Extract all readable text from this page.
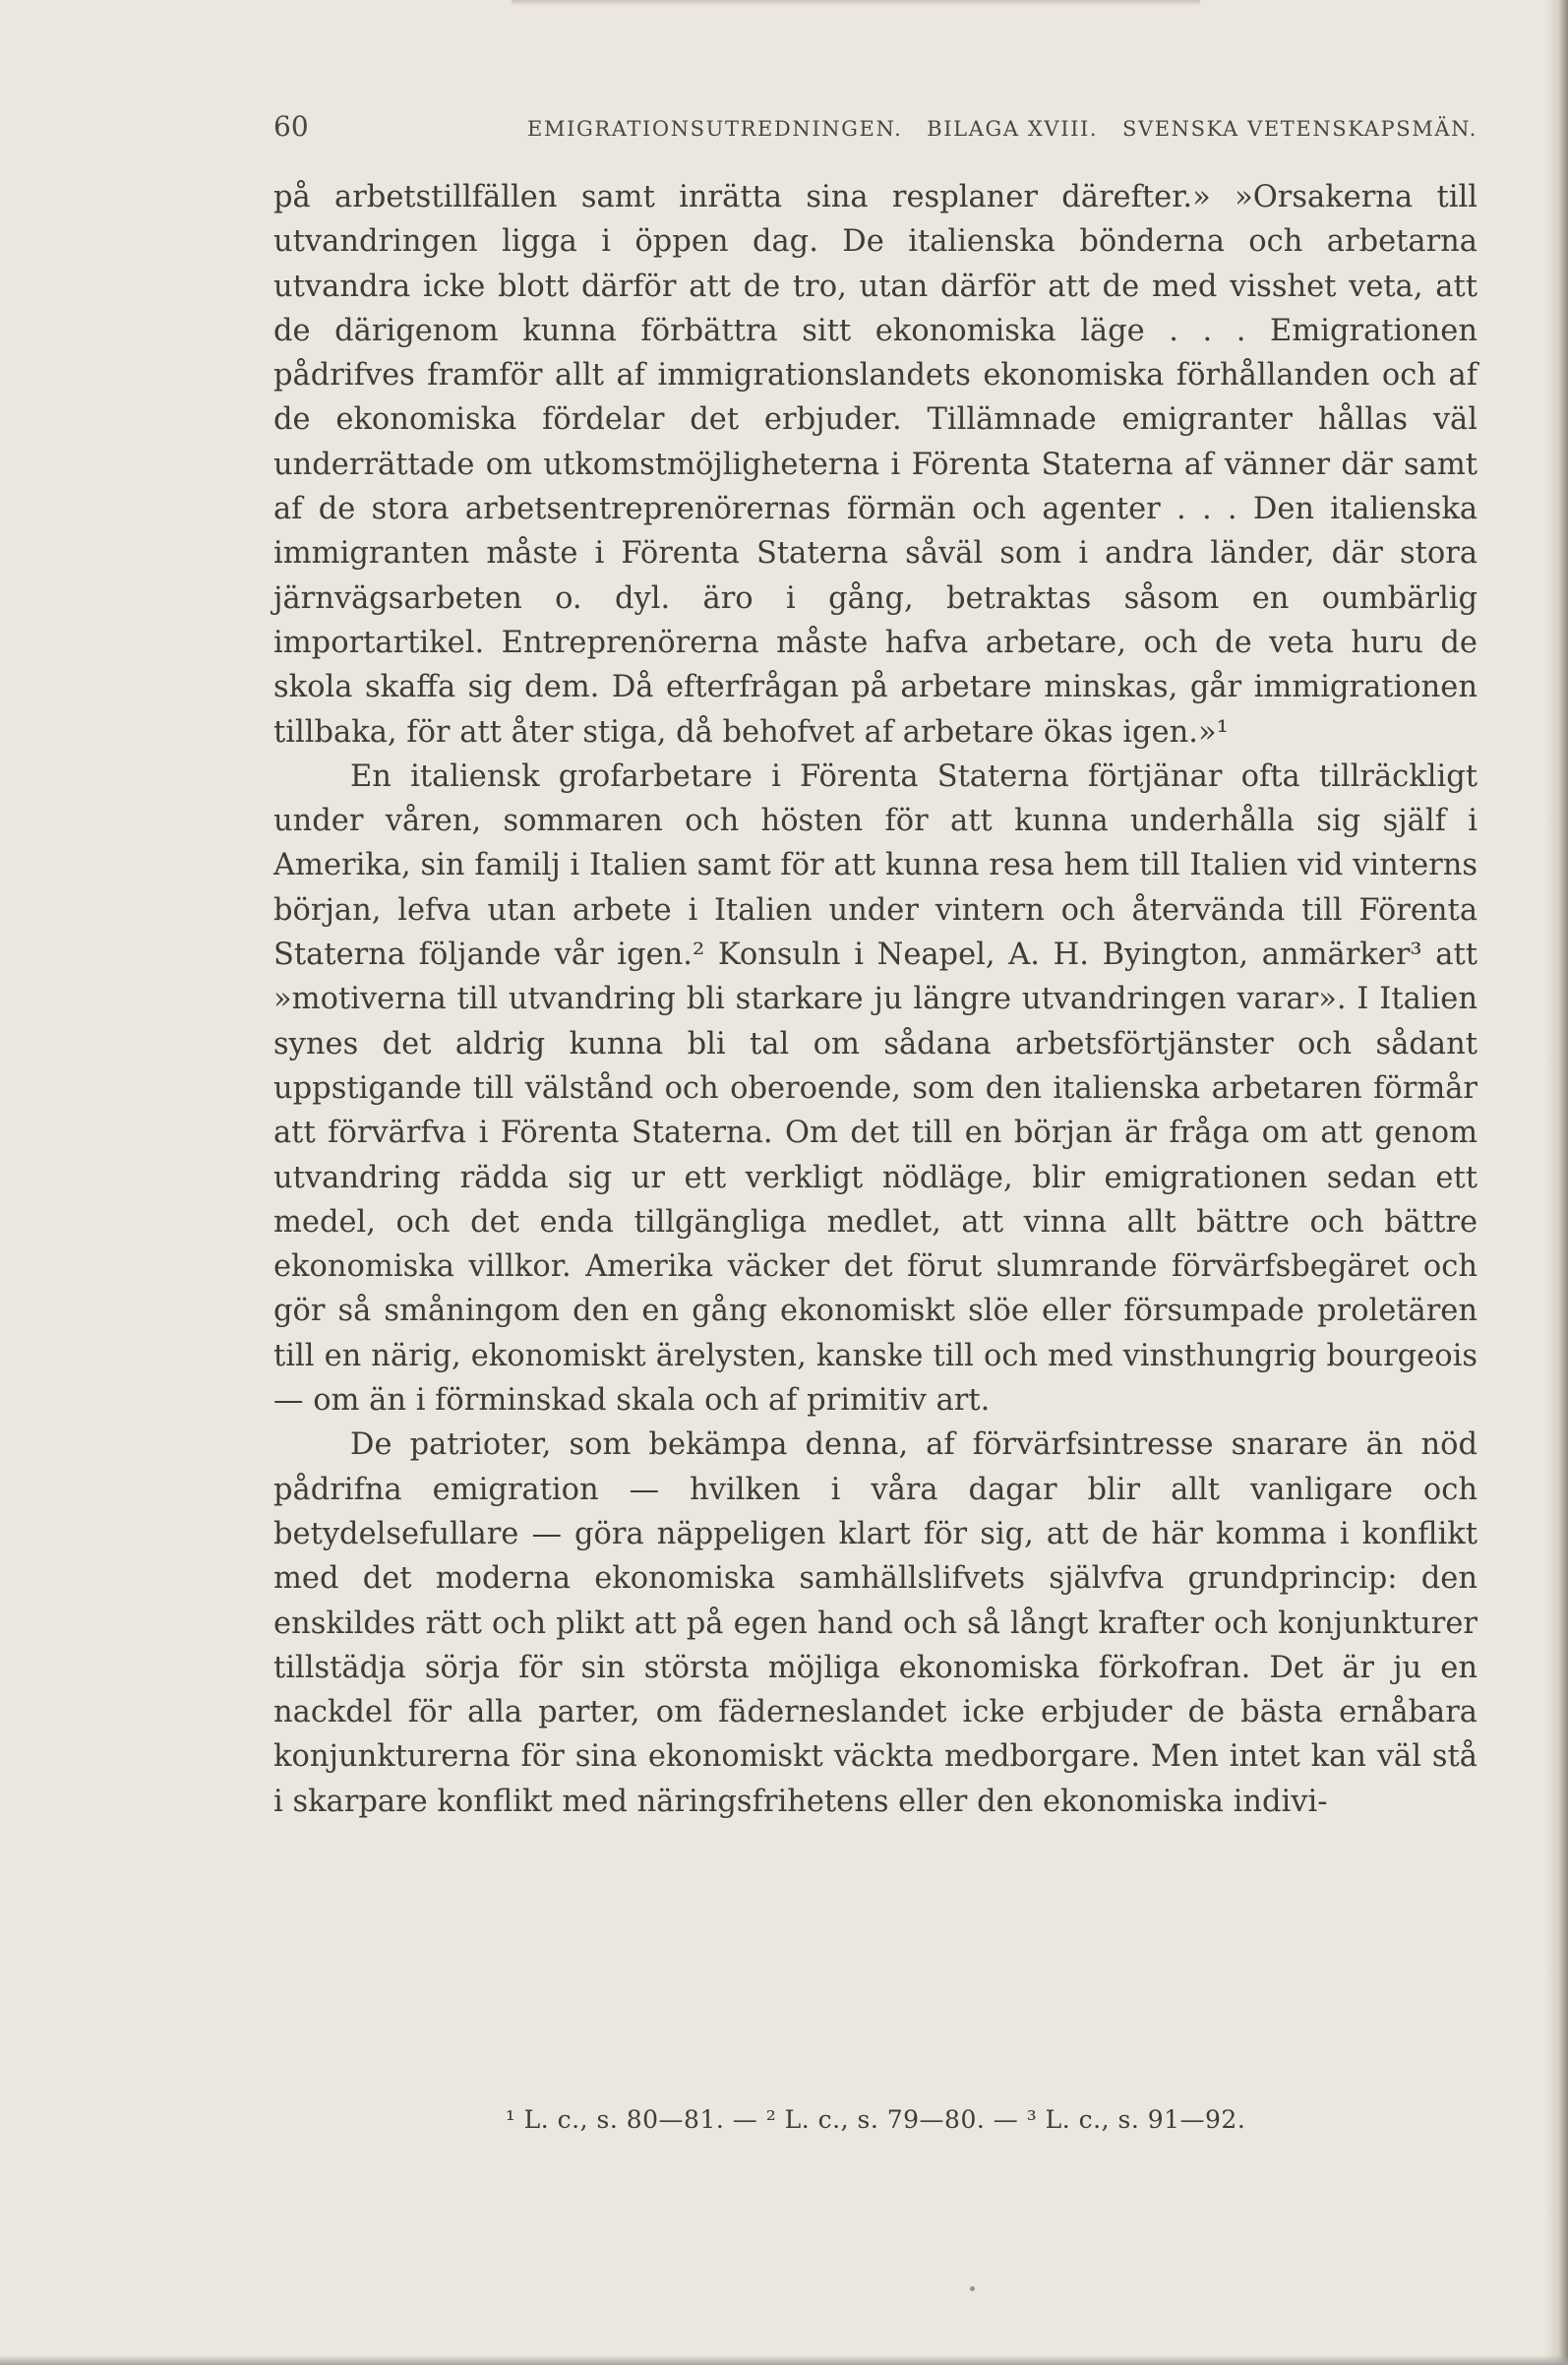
60	EMIGRATIONSUTREDNINGEN.   BILAGA XVIII.   SVENSKA VETENSKAPSMÄN.

på arbetstillfällen samt inrätta sina resplaner därefter.» »Orsakerna till utvandringen ligga i öppen dag. De italienska bönderna och arbetarna utvandra icke blott därför att de tro, utan därför att de med visshet veta, att de därigenom kunna förbättra sitt ekonomiska läge . . . Emigrationen pådrifves framför allt af immigrationslandets ekonomiska förhållanden och af de ekonomiska fördelar det erbjuder. Tillämnade emigranter hållas väl underrättade om utkomstmöjligheterna i Förenta Staterna af vänner där samt af de stora arbetsentreprenörernas förmän och agenter . . . Den italienska immigranten måste i Förenta Staterna såväl som i andra länder, där stora järnvägsarbeten o. dyl. äro i gång, betraktas såsom en oumbärlig importartikel. Entreprenörerna måste hafva arbetare, och de veta huru de skola skaffa sig dem. Då efterfrågan på arbetare minskas, går immigrationen tillbaka, för att åter stiga, då behofvet af arbetare ökas igen.»¹

En italiensk grofarbetare i Förenta Staterna förtjänar ofta tillräckligt under våren, sommaren och hösten för att kunna underhålla sig själf i Amerika, sin familj i Italien samt för att kunna resa hem till Italien vid vinterns början, lefva utan arbete i Italien under vintern och återvända till Förenta Staterna följande vår igen.² Konsuln i Neapel, A. H. Byington, anmärker³ att »motiverna till utvandring bli starkare ju längre utvandringen varar». I Italien synes det aldrig kunna bli tal om sådana arbetsförtjänster och sådant uppstigande till välstånd och oberoende, som den italienska arbetaren förmår att förvärfva i Förenta Staterna. Om det till en början är fråga om att genom utvandring rädda sig ur ett verkligt nödläge, blir emigrationen sedan ett medel, och det enda tillgängliga medlet, att vinna allt bättre och bättre ekonomiska villkor. Amerika väcker det förut slumrande förvärfsbegäret och gör så småningom den en gång ekonomiskt slöe eller försumpade proletären till en närig, ekonomiskt ärelysten, kanske till och med vinsthungrig bourgeois — om än i förminskad skala och af primitiv art.

De patrioter, som bekämpa denna, af förvärfsintresse snarare än nöd pådrifna emigration — hvilken i våra dagar blir allt vanligare och betydelsefullare — göra näppeligen klart för sig, att de här komma i konflikt med det moderna ekonomiska samhällslifvets självfva grundprincip: den enskildes rätt och plikt att på egen hand och så långt krafter och konjunkturer tillstädja sörja för sin största möjliga ekonomiska förkofran. Det är ju en nackdel för alla parter, om fäderneslandet icke erbjuder de bästa ernåbara konjunkturerna för sina ekonomiskt väckta medborgare. Men intet kan väl stå i skarpare konflikt med näringsfrihetens eller den ekonomiska indivi-

¹ L. c., s. 80—81. — ² L. c., s. 79—80. — ³ L. c., s. 91—92.
